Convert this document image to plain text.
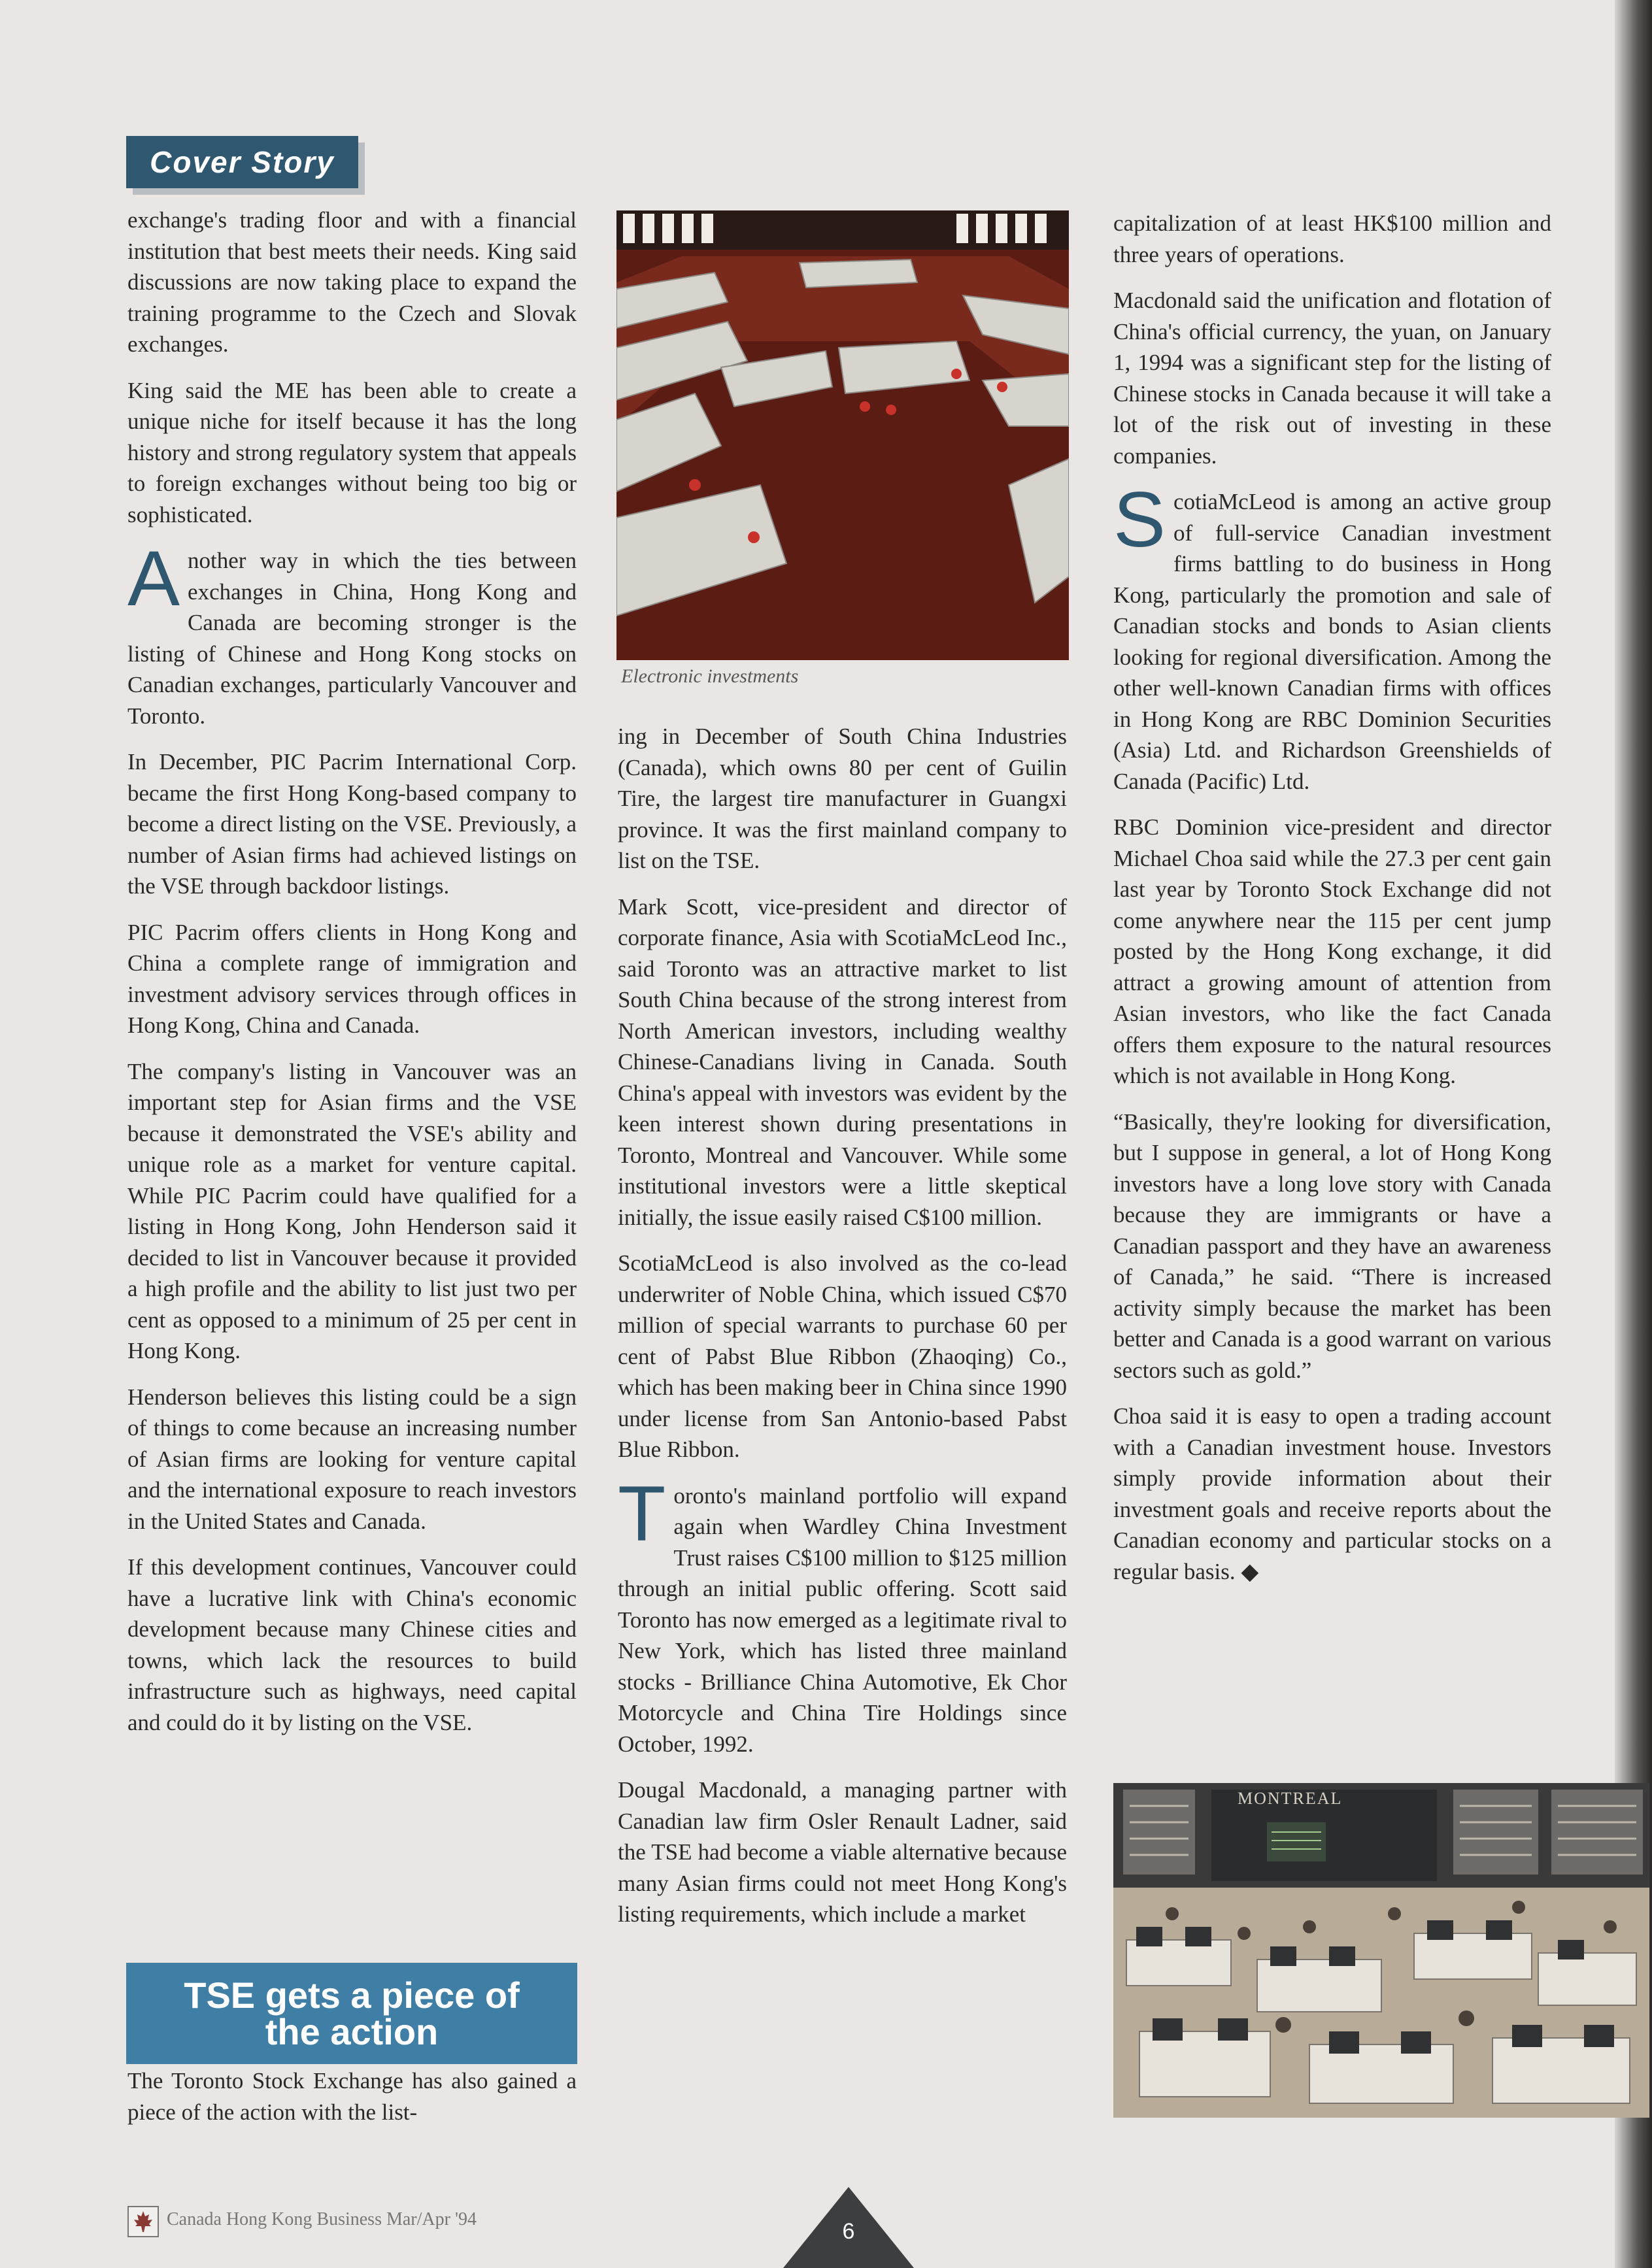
Cover Story

exchange's trading floor and with a financial institution that best meets their needs. King said discussions are now taking place to expand the training programme to the Czech and Slovak exchanges.

King said the ME has been able to create a unique niche for itself because it has the long history and strong regulatory system that appeals to foreign exchanges without being too big or sophisticated.

Another way in which the ties between exchanges in China, Hong Kong and Canada are becoming stronger is the listing of Chinese and Hong Kong stocks on Canadian exchanges, particularly Vancouver and Toronto.

In December, PIC Pacrim International Corp. became the first Hong Kong-based company to become a direct listing on the VSE. Previously, a number of Asian firms had achieved listings on the VSE through backdoor listings.

PIC Pacrim offers clients in Hong Kong and China a complete range of immigration and investment advisory services through offices in Hong Kong, China and Canada.

The company's listing in Vancouver was an important step for Asian firms and the VSE because it demonstrated the VSE's ability and unique role as a market for venture capital. While PIC Pacrim could have qualified for a listing in Hong Kong, John Henderson said it decided to list in Vancouver because it provided a high profile and the ability to list just two per cent as opposed to a minimum of 25 per cent in Hong Kong.

Henderson believes this listing could be a sign of things to come because an increasing number of Asian firms are looking for venture capital and the international exposure to reach investors in the United States and Canada.

If this development continues, Vancouver could have a lucrative link with China's economic development because many Chinese cities and towns, which lack the resources to build infrastructure such as highways, need capital and could do it by listing on the VSE.

TSE gets a piece of
the action
The Toronto Stock Exchange has also gained a piece of the action with the list-
Electronic investments

ing in December of South China Industries (Canada), which owns 80 per cent of Guilin Tire, the largest tire manufacturer in Guangxi province. It was the first mainland company to list on the TSE.

Mark Scott, vice-president and director of corporate finance, Asia with ScotiaMcLeod Inc., said Toronto was an attractive market to list South China because of the strong interest from North American investors, including wealthy Chinese-Canadians living in Canada. South China's appeal with investors was evident by the keen interest shown during presentations in Toronto, Montreal and Vancouver. While some institutional investors were a little skeptical initially, the issue easily raised C$100 million.

ScotiaMcLeod is also involved as the co-lead underwriter of Noble China, which issued C$70 million of special warrants to purchase 60 per cent of Pabst Blue Ribbon (Zhaoqing) Co., which has been making beer in China since 1990 under license from San Antonio-based Pabst Blue Ribbon.

Toronto's mainland portfolio will expand again when Wardley China Investment Trust raises C$100 million to $125 million through an initial public offering. Scott said Toronto has now emerged as a legitimate rival to New York, which has listed three mainland stocks - Brilliance China Automotive, Ek Chor Motorcycle and China Tire Holdings since October, 1992.

Dougal Macdonald, a managing partner with Canadian law firm Osler Renault Ladner, said the TSE had become a viable alternative because many Asian firms could not meet Hong Kong's listing requirements, which include a market

capitalization of at least HK$100 million and three years of operations.

Macdonald said the unification and flotation of China's official currency, the yuan, on January 1, 1994 was a significant step for the listing of Chinese stocks in Canada because it will take a lot of the risk out of investing in these companies.

ScotiaMcLeod is among an active group of full-service Canadian investment firms battling to do business in Hong Kong, particularly the promotion and sale of Canadian stocks and bonds to Asian clients looking for regional diversification. Among the other well-known Canadian firms with offices in Hong Kong are RBC Dominion Securities (Asia) Ltd. and Richardson Greenshields of Canada (Pacific) Ltd.

RBC Dominion vice-president and director Michael Choa said while the 27.3 per cent gain last year by Toronto Stock Exchange did not come anywhere near the 115 per cent jump posted by the Hong Kong exchange, it did attract a growing amount of attention from Asian investors, who like the fact Canada offers them exposure to the natural resources which is not available in Hong Kong.

“Basically, they're looking for diversification, but I suppose in general, a lot of Hong Kong investors have a long love story with Canada because they are immigrants or have a Canadian passport and they have an awareness of Canada,” he said. “There is increased activity simply because the market has been better and Canada is a good warrant on various sectors such as gold.”

Choa said it is easy to open a trading account with a Canadian investment house. Investors simply provide information about their investment goals and receive reports about the Canadian economy and particular stocks on a regular basis. ◆

MONTREAL
Canada Hong Kong Business Mar/Apr '94	6
